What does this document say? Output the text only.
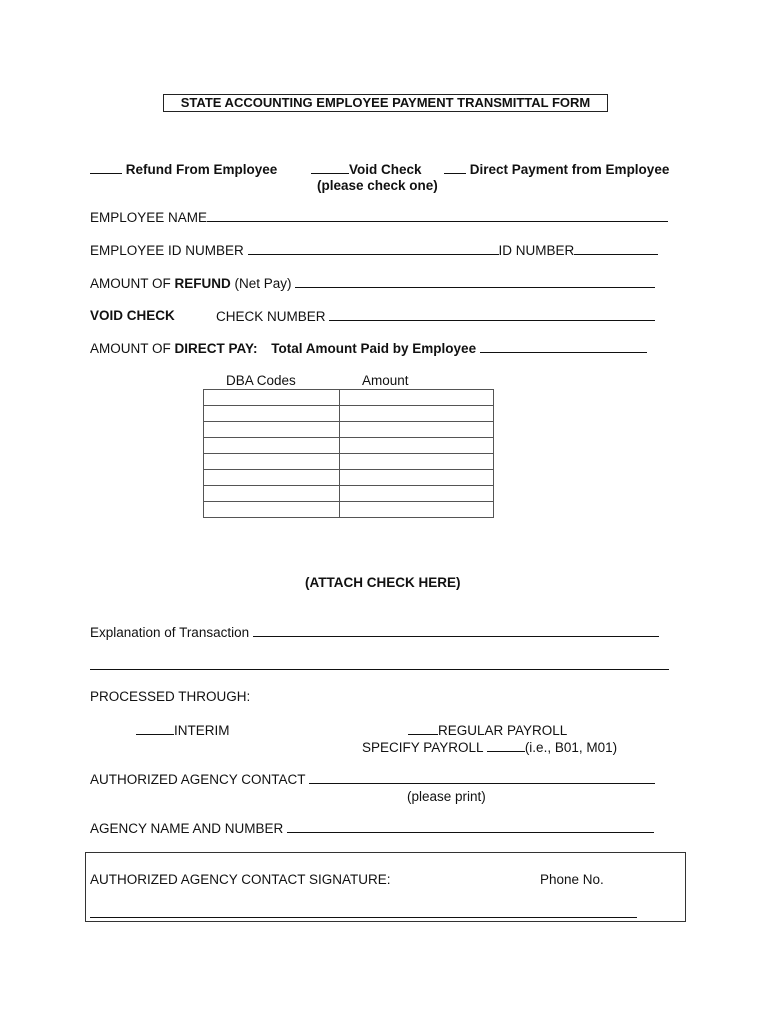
STATE ACCOUNTING EMPLOYEE PAYMENT TRANSMITTAL FORM
Refund From Employee	Void Check	Direct Payment from Employee
(please check one)
EMPLOYEE NAME
EMPLOYEE ID NUMBER	ID NUMBER
AMOUNT OF REFUND (Net Pay)
VOID CHECK	CHECK NUMBER
AMOUNT OF DIRECT PAY: Total Amount Paid by Employee
DBA Codes	Amount

(ATTACH CHECK HERE)
Explanation of Transaction
PROCESSED THROUGH:
INTERIM	REGULAR PAYROLL
SPECIFY PAYROLL	(i.e., B01, M01)
AUTHORIZED AGENCY CONTACT
(please print)
AGENCY NAME AND NUMBER
AUTHORIZED AGENCY CONTACT SIGNATURE:	Phone No.
